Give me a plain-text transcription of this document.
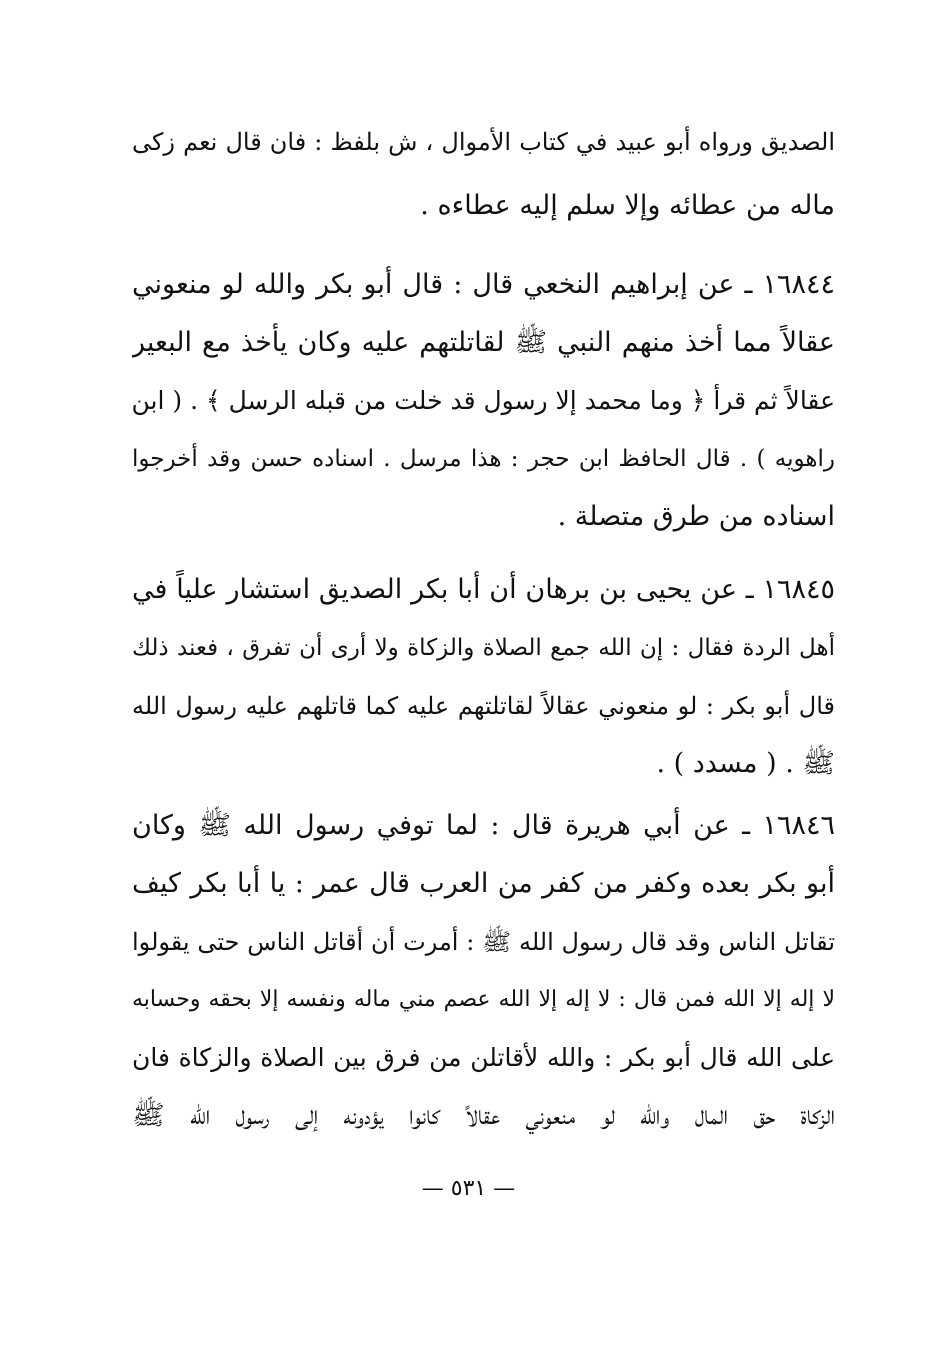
الصديق ورواه أبو عبيد في كتاب الأموال ، ش بلفظ : فان قال نعم زكى
ماله من عطائه وإلا سلم إليه عطاءه .
١٦٨٤٤ ـ عن إبراهيم النخعي قال : قال أبو بكر والله لو منعوني
عقالاً مما أخذ منهم النبي ﷺ لقاتلتهم عليه وكان يأخذ مع البعير
عقالاً ثم قرأ ﴿ وما محمد إلا رسول قد خلت من قبله الرسل ﴾ . ( ابن
راهويه ) . قال الحافظ ابن حجر : هذا مرسل . اسناده حسن وقد أخرجوا
اسناده من طرق متصلة .
١٦٨٤٥ ـ عن يحيى بن برهان أن أبا بكر الصديق استشار علياً في
أهل الردة فقال : إن الله جمع الصلاة والزكاة ولا أرى أن تفرق ، فعند ذلك
قال أبو بكر : لو منعوني عقالاً لقاتلتهم عليه كما قاتلهم عليه رسول الله
ﷺ . ( مسدد ) .
١٦٨٤٦ ـ عن أبي هريرة قال : لما توفي رسول الله ﷺ وكان
أبو بكر بعده وكفر من كفر من العرب قال عمر : يا أبا بكر كيف
تقاتل الناس وقد قال رسول الله ﷺ : أمرت أن أقاتل الناس حتى يقولوا
لا إله إلا الله فمن قال : لا إله إلا الله عصم مني ماله ونفسه إلا بحقه وحسابه
على الله قال أبو بكر : والله لأقاتلن من فرق بين الصلاة والزكاة فان
الزكاة حق المال والله لو منعوني عقالاً كانوا يؤدونه إلى رسول الله ﷺ
— ٥٣١ —
